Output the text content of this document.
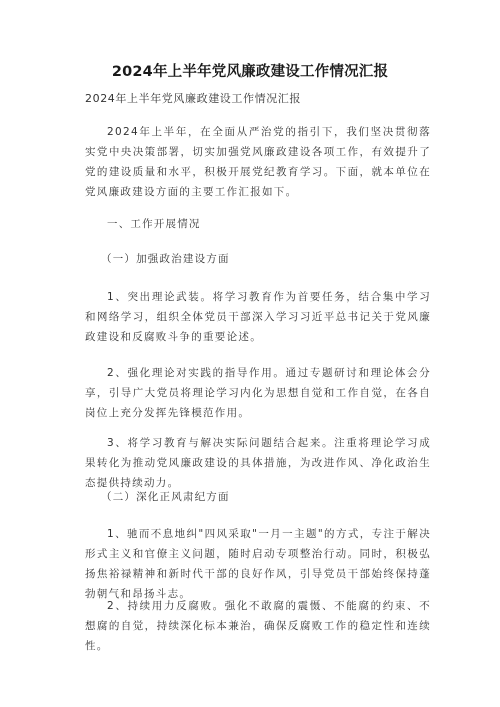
2024年上半年党风廉政建设工作情况汇报
2024年上半年党风廉政建设工作情况汇报

2024年上半年，在全面从严治党的指引下，我们坚决贯彻落实党中央决策部署，切实加强党风廉政建设各项工作，有效提升了党的建设质量和水平，积极开展党纪教育学习。下面，就本单位在党风廉政建设方面的主要工作汇报如下。

一、工作开展情况

（一）加强政治建设方面

1、突出理论武装。将学习教育作为首要任务，结合集中学习和网络学习，组织全体党员干部深入学习习近平总书记关于党风廉政建设和反腐败斗争的重要论述。

2、强化理论对实践的指导作用。通过专题研讨和理论体会分享，引导广大党员将理论学习内化为思想自觉和工作自觉，在各自岗位上充分发挥先锋模范作用。

3、将学习教育与解决实际问题结合起来。注重将理论学习成果转化为推动党风廉政建设的具体措施，为改进作风、净化政治生态提供持续动力。

（二）深化正风肃纪方面

1、驰而不息地纠"四风采取"一月一主题"的方式，专注于解决形式主义和官僚主义问题，随时启动专项整治行动。同时，积极弘扬焦裕禄精神和新时代干部的良好作风，引导党员干部始终保持蓬勃朝气和昂扬斗志。

2、持续用力反腐败。强化不敢腐的震慑、不能腐的约束、不想腐的自觉，持续深化标本兼治，确保反腐败工作的稳定性和连续性。
